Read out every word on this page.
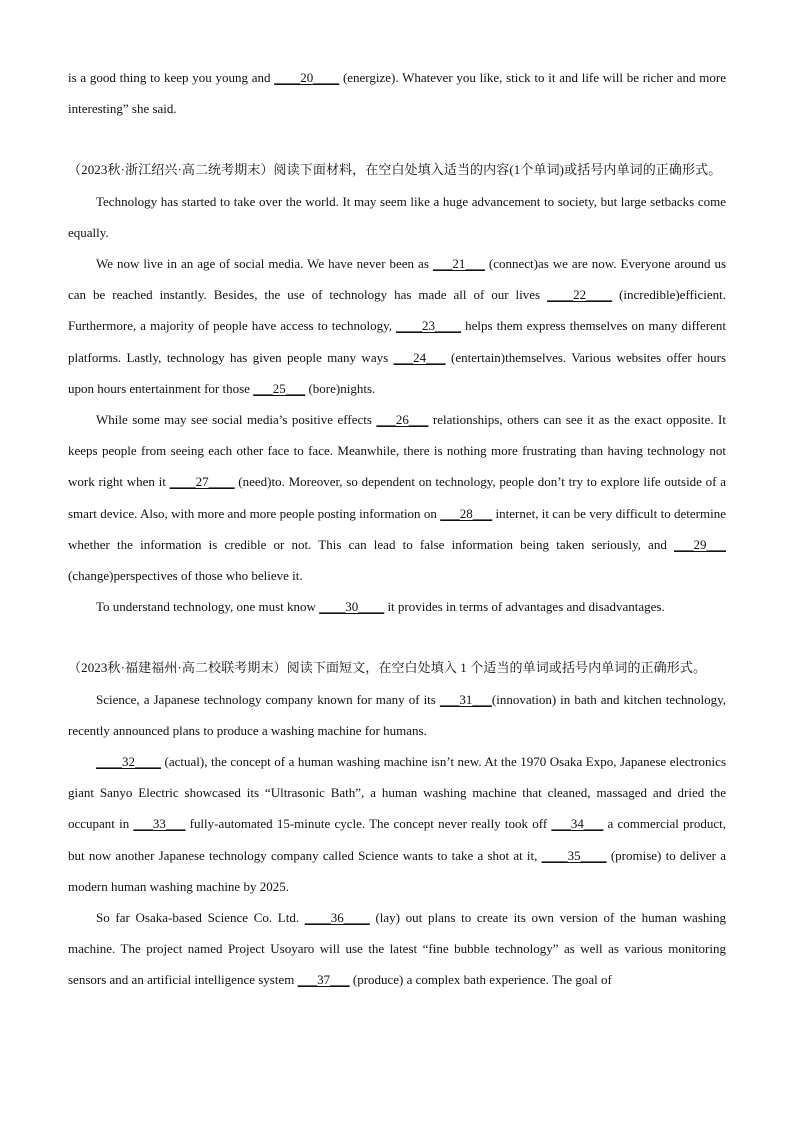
is a good thing to keep you young and ____20____ (energize). Whatever you like, stick to it and life will be richer and more interesting” she said.

（2023秋·浙江绍兴·高二统考期末）阅读下面材料，在空白处填入适当的内容(1个单词)或括号内单词的正确形式。

Technology has started to take over the world. It may seem like a huge advancement to society, but large setbacks come equally.

We now live in an age of social media. We have never been as ___21___ (connect)as we are now. Everyone around us can be reached instantly. Besides, the use of technology has made all of our lives ____22____ (incredible)efficient. Furthermore, a majority of people have access to technology, ____23____ helps them express themselves on many different platforms. Lastly, technology has given people many ways ___24___ (entertain)themselves. Various websites offer hours upon hours entertainment for those ___25___ (bore)nights.

While some may see social media’s positive effects ___26___ relationships, others can see it as the exact opposite. It keeps people from seeing each other face to face. Meanwhile, there is nothing more frustrating than having technology not work right when it ____27____ (need)to. Moreover, so dependent on technology, people don’t try to explore life outside of a smart device. Also, with more and more people posting information on ___28___ internet, it can be very difficult to determine whether the information is credible or not. This can lead to false information being taken seriously, and ___29___ (change)perspectives of those who believe it.

To understand technology, one must know ____30____ it provides in terms of advantages and disadvantages.

（2023秋·福建福州·高二校联考期末）阅读下面短文，在空白处填入 1 个适当的单词或括号内单词的正确形式。

Science, a Japanese technology company known for many of its ___31___(innovation) in bath and kitchen technology, recently announced plans to produce a washing machine for humans.

____32____ (actual), the concept of a human washing machine isn’t new. At the 1970 Osaka Expo, Japanese electronics giant Sanyo Electric showcased its “Ultrasonic Bath”, a human washing machine that cleaned, massaged and dried the occupant in ___33___ fully-automated 15-minute cycle. The concept never really took off ___34___ a commercial product, but now another Japanese technology company called Science wants to take a shot at it, ____35____ (promise) to deliver a modern human washing machine by 2025.

So far Osaka-based Science Co. Ltd. ____36____ (lay) out plans to create its own version of the human washing machine. The project named Project Usoyaro will use the latest “fine bubble technology” as well as various monitoring sensors and an artificial intelligence system ___37___ (produce) a complex bath experience. The goal of
